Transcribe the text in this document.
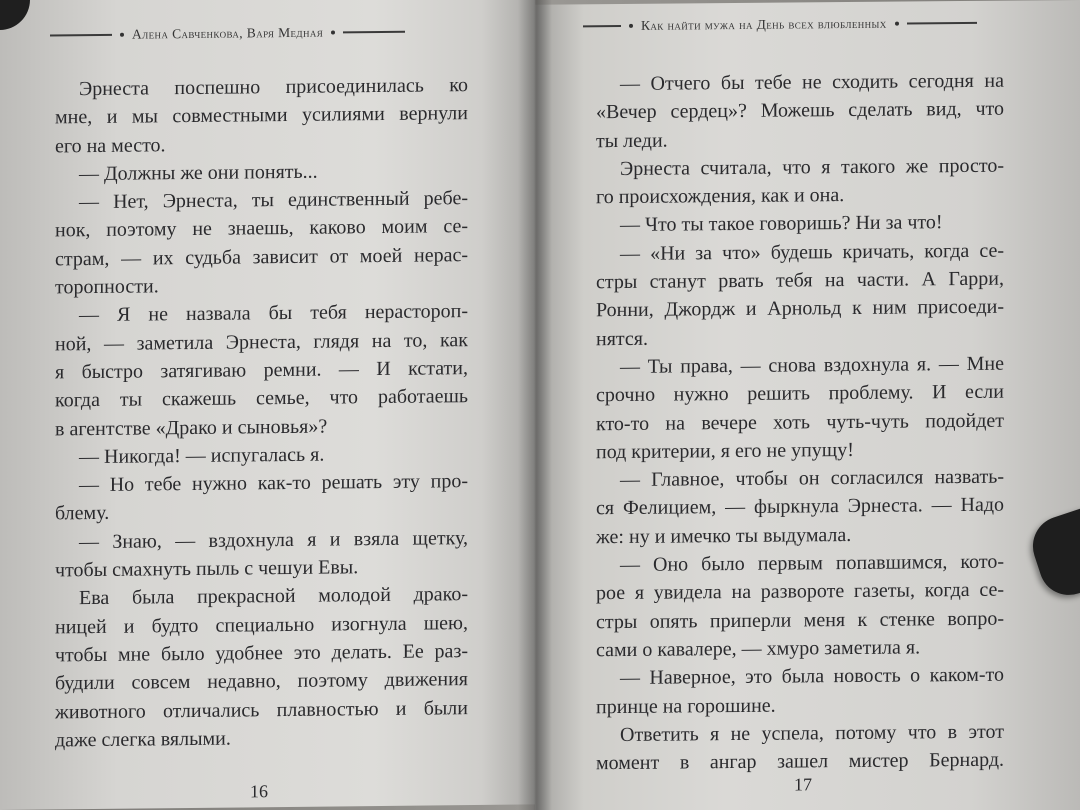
Алена Савченкова, Варя Медная
Эрнеста поспешно присоединилась ко
мне, и мы совместными усилиями вернули
его на место.
— Должны же они понять...
— Нет, Эрнеста, ты единственный ребе-
нок, поэтому не знаешь, каково моим се-
страм, — их судьба зависит от моей нерас-
торопности.
— Я не назвала бы тебя нерастороп-
ной, — заметила Эрнеста, глядя на то, как
я быстро затягиваю ремни. — И кстати,
когда ты скажешь семье, что работаешь
в агентстве «Драко и сыновья»?
— Никогда! — испугалась я.
— Но тебе нужно как-то решать эту про-
блему.
— Знаю, — вздохнула я и взяла щетку,
чтобы смахнуть пыль с чешуи Евы.
Ева была прекрасной молодой драко-
ницей и будто специально изогнула шею,
чтобы мне было удобнее это делать. Ее раз-
будили совсем недавно, поэтому движения
животного отличались плавностью и были
даже слегка вялыми.
16
Как найти мужа на День всех влюбленных
— Отчего бы тебе не сходить сегодня на
«Вечер сердец»? Можешь сделать вид, что
ты леди.
Эрнеста считала, что я такого же просто-
го происхождения, как и она.
— Что ты такое говоришь? Ни за что!
— «Ни за что» будешь кричать, когда се-
стры станут рвать тебя на части. А Гарри,
Ронни, Джордж и Арнольд к ним присоеди-
нятся.
— Ты права, — снова вздохнула я. — Мне
срочно нужно решить проблему. И если
кто-то на вечере хоть чуть-чуть подойдет
под критерии, я его не упущу!
— Главное, чтобы он согласился назвать-
ся Фелицием, — фыркнула Эрнеста. — Надо
же: ну и имечко ты выдумала.
— Оно было первым попавшимся, кото-
рое я увидела на развороте газеты, когда се-
стры опять приперли меня к стенке вопро-
сами о кавалере, — хмуро заметила я.
— Наверное, это была новость о каком-то
принце на горошине.
Ответить я не успела, потому что в этот
момент в ангар зашел мистер Бернард.
17
